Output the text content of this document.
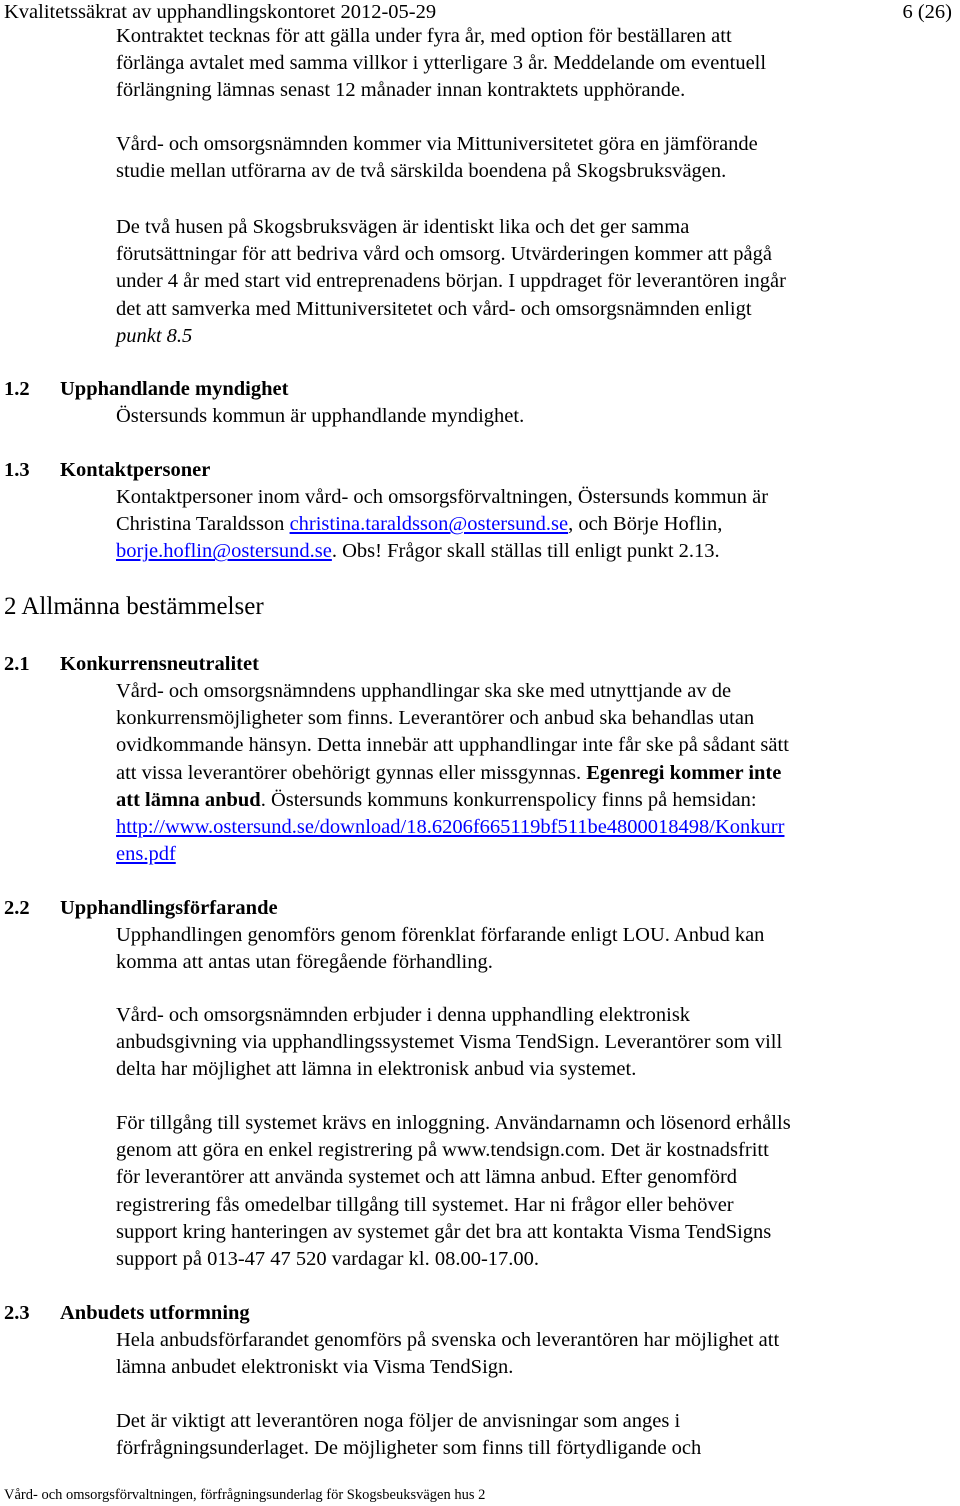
Kvalitetssäkrat av upphandlingskontoret 2012-05-29	6 (26)
Kontraktet tecknas för att gälla under fyra år, med option för beställaren att
förlänga avtalet med samma villkor i ytterligare 3 år. Meddelande om eventuell
förlängning lämnas senast 12 månader innan kontraktets upphörande.
Vård- och omsorgsnämnden kommer via Mittuniversitetet göra en jämförande
studie mellan utförarna av de två särskilda boendena på Skogsbruksvägen.
De två husen på Skogsbruksvägen är identiskt lika och det ger samma
förutsättningar för att bedriva vård och omsorg. Utvärderingen kommer att pågå
under 4 år med start vid entreprenadens början. I uppdraget för leverantören ingår
det att samverka med Mittuniversitetet och vård- och omsorgsnämnden enligt
punkt 8.5
1.2 Upphandlande myndighet
Östersunds kommun är upphandlande myndighet.
1.3 Kontaktpersoner
Kontaktpersoner inom vård- och omsorgsförvaltningen, Östersunds kommun är
Christina Taraldsson christina.taraldsson@ostersund.se, och Börje Hoflin,
borje.hoflin@ostersund.se. Obs! Frågor skall ställas till enligt punkt 2.13.
2 Allmänna bestämmelser
2.1 Konkurrensneutralitet
Vård- och omsorgsnämndens upphandlingar ska ske med utnyttjande av de
konkurrensmöjligheter som finns. Leverantörer och anbud ska behandlas utan
ovidkommande hänsyn. Detta innebär att upphandlingar inte får ske på sådant sätt
att vissa leverantörer obehörigt gynnas eller missgynnas. Egenregi kommer inte
att lämna anbud. Östersunds kommuns konkurrenspolicy finns på hemsidan:
http://www.ostersund.se/download/18.6206f665119bf511be4800018498/Konkurr
ens.pdf
2.2 Upphandlingsförfarande
Upphandlingen genomförs genom förenklat förfarande enligt LOU. Anbud kan
komma att antas utan föregående förhandling.
Vård- och omsorgsnämnden erbjuder i denna upphandling elektronisk
anbudsgivning via upphandlingssystemet Visma TendSign. Leverantörer som vill
delta har möjlighet att lämna in elektronisk anbud via systemet.
För tillgång till systemet krävs en inloggning. Användarnamn och lösenord erhålls
genom att göra en enkel registrering på www.tendsign.com. Det är kostnadsfritt
för leverantörer att använda systemet och att lämna anbud. Efter genomförd
registrering fås omedelbar tillgång till systemet. Har ni frågor eller behöver
support kring hanteringen av systemet går det bra att kontakta Visma TendSigns
support på 013-47 47 520 vardagar kl. 08.00-17.00.
2.3 Anbudets utformning
Hela anbudsförfarandet genomförs på svenska och leverantören har möjlighet att
lämna anbudet elektroniskt via Visma TendSign.
Det är viktigt att leverantören noga följer de anvisningar som anges i
förfrågningsunderlaget. De möjligheter som finns till förtydligande och
Vård- och omsorgsförvaltningen, förfrågningsunderlag för Skogsbeuksvägen hus 2
